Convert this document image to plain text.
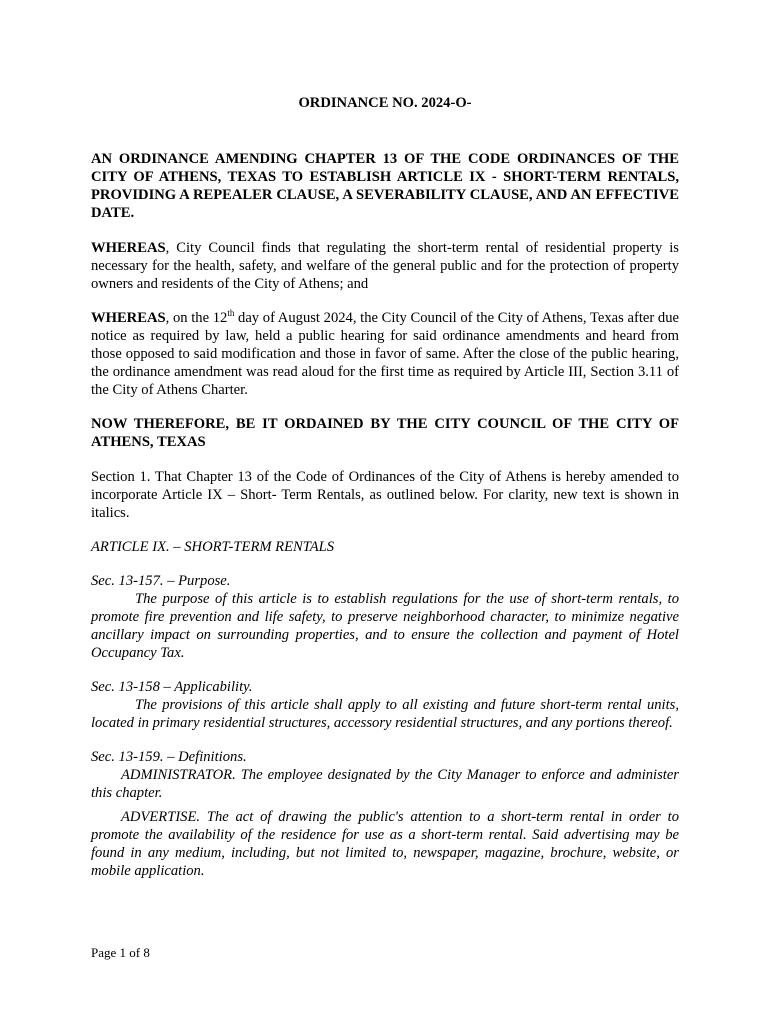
ORDINANCE NO. 2024-O-

AN ORDINANCE AMENDING CHAPTER 13 OF THE CODE ORDINANCES OF THE CITY OF ATHENS, TEXAS TO ESTABLISH ARTICLE IX - SHORT-TERM RENTALS, PROVIDING A REPEALER CLAUSE, A SEVERABILITY CLAUSE, AND AN EFFECTIVE DATE.

WHEREAS, City Council finds that regulating the short-term rental of residential property is necessary for the health, safety, and welfare of the general public and for the protection of property owners and residents of the City of Athens; and

WHEREAS, on the 12th day of August 2024, the City Council of the City of Athens, Texas after due notice as required by law, held a public hearing for said ordinance amendments and heard from those opposed to said modification and those in favor of same. After the close of the public hearing, the ordinance amendment was read aloud for the first time as required by Article III, Section 3.11 of the City of Athens Charter.

NOW THEREFORE, BE IT ORDAINED BY THE CITY COUNCIL OF THE CITY OF ATHENS, TEXAS

Section 1. That Chapter 13 of the Code of Ordinances of the City of Athens is hereby amended to incorporate Article IX – Short- Term Rentals, as outlined below. For clarity, new text is shown in italics.

ARTICLE IX. – SHORT-TERM RENTALS

Sec. 13-157. – Purpose.

The purpose of this article is to establish regulations for the use of short-term rentals, to promote fire prevention and life safety, to preserve neighborhood character, to minimize negative ancillary impact on surrounding properties, and to ensure the collection and payment of Hotel Occupancy Tax.

Sec. 13-158 – Applicability.

The provisions of this article shall apply to all existing and future short-term rental units, located in primary residential structures, accessory residential structures, and any portions thereof.

Sec. 13-159. – Definitions.

ADMINISTRATOR. The employee designated by the City Manager to enforce and administer this chapter.

ADVERTISE. The act of drawing the public's attention to a short-term rental in order to promote the availability of the residence for use as a short-term rental. Said advertising may be found in any medium, including, but not limited to, newspaper, magazine, brochure, website, or mobile application.

Page 1 of 8
